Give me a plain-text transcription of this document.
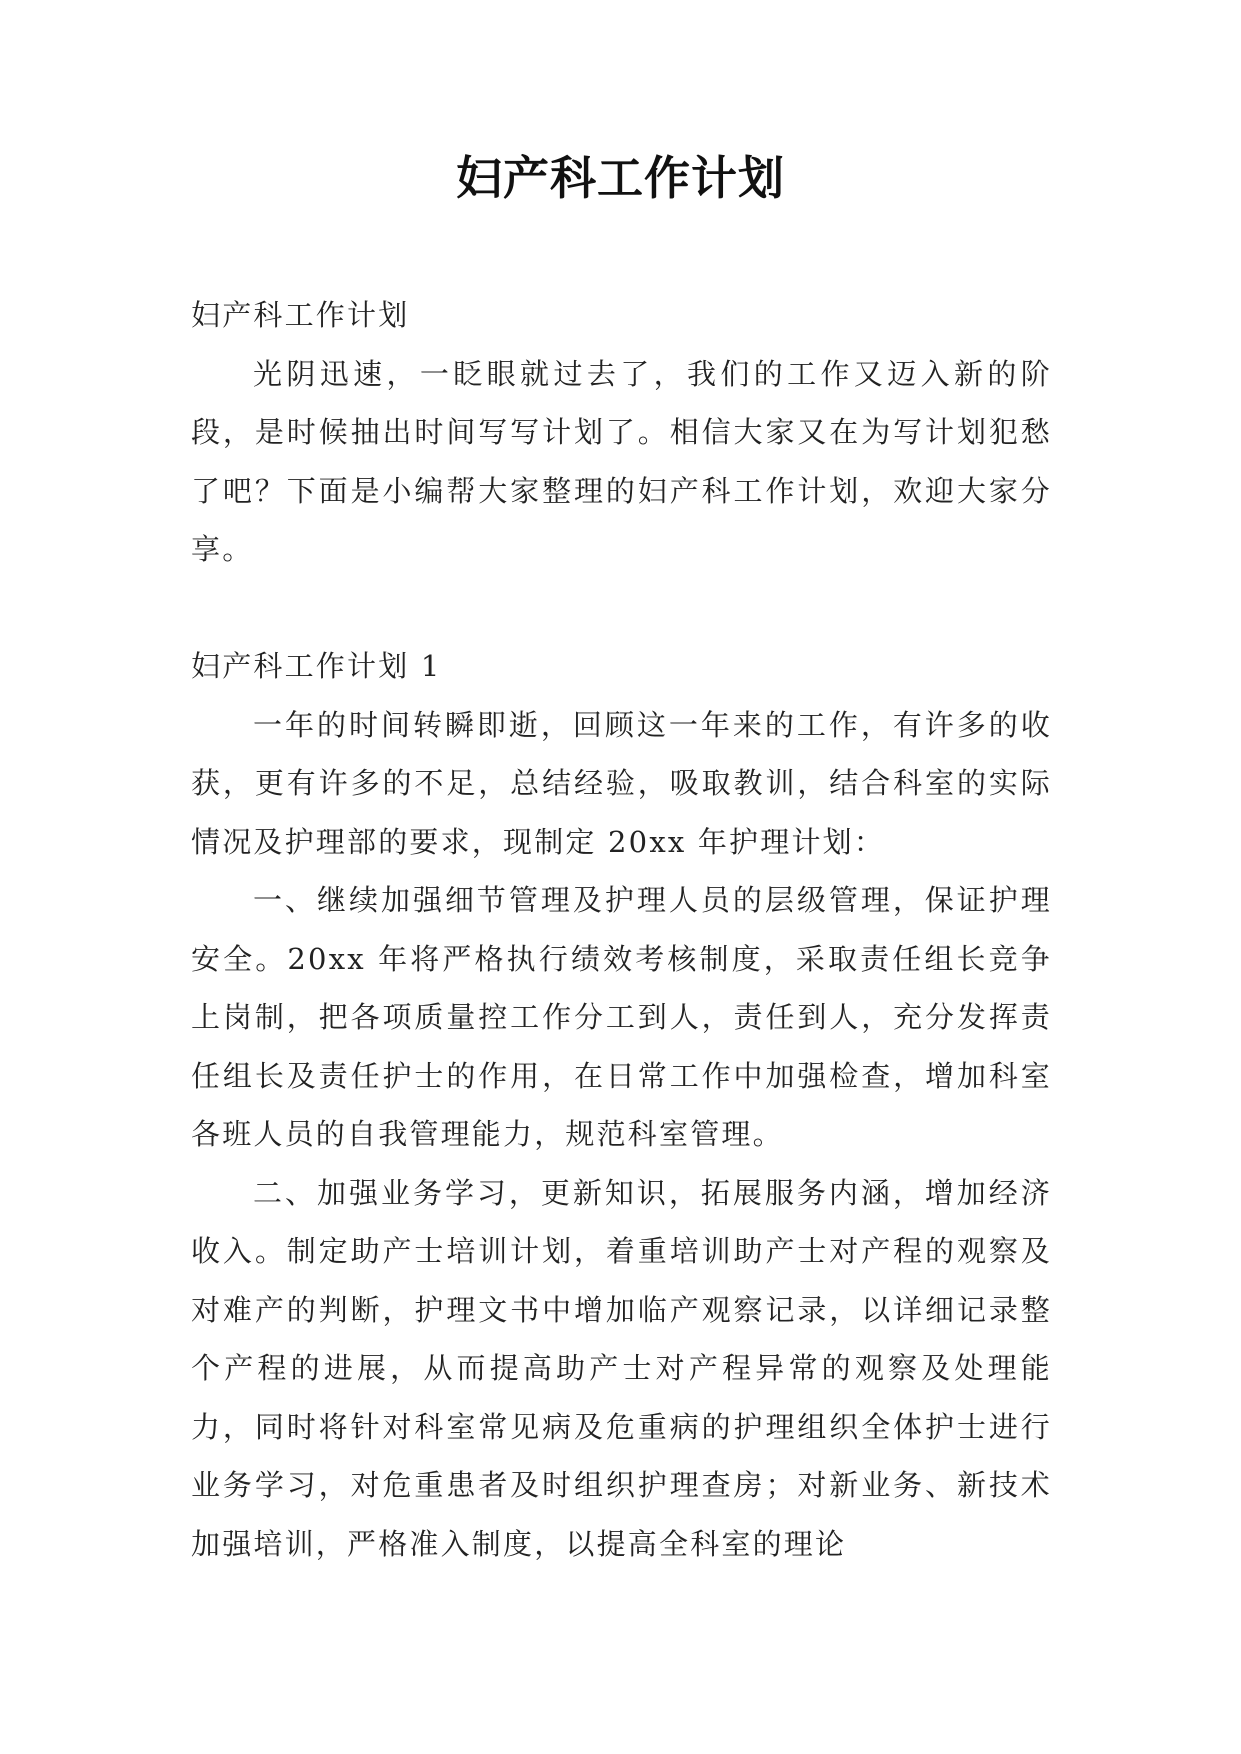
妇产科工作计划

妇产科工作计划

光阴迅速，一眨眼就过去了，我们的工作又迈入新的阶段，是时候抽出时间写写计划了。相信大家又在为写计划犯愁了吧？下面是小编帮大家整理的妇产科工作计划，欢迎大家分享。

妇产科工作计划 1

一年的时间转瞬即逝，回顾这一年来的工作，有许多的收获，更有许多的不足，总结经验，吸取教训，结合科室的实际情况及护理部的要求，现制定 20xx 年护理计划：

一、继续加强细节管理及护理人员的层级管理，保证护理安全。20xx 年将严格执行绩效考核制度，采取责任组长竞争上岗制，把各项质量控工作分工到人，责任到人，充分发挥责任组长及责任护士的作用，在日常工作中加强检查，增加科室各班人员的自我管理能力，规范科室管理。

二、加强业务学习，更新知识，拓展服务内涵，增加经济收入。制定助产士培训计划，着重培训助产士对产程的观察及对难产的判断，护理文书中增加临产观察记录，以详细记录整个产程的进展，从而提高助产士对产程异常的观察及处理能力，同时将针对科室常见病及危重病的护理组织全体护士进行业务学习，对危重患者及时组织护理查房；对新业务、新技术加强培训，严格准入制度，以提高全科室的理论
